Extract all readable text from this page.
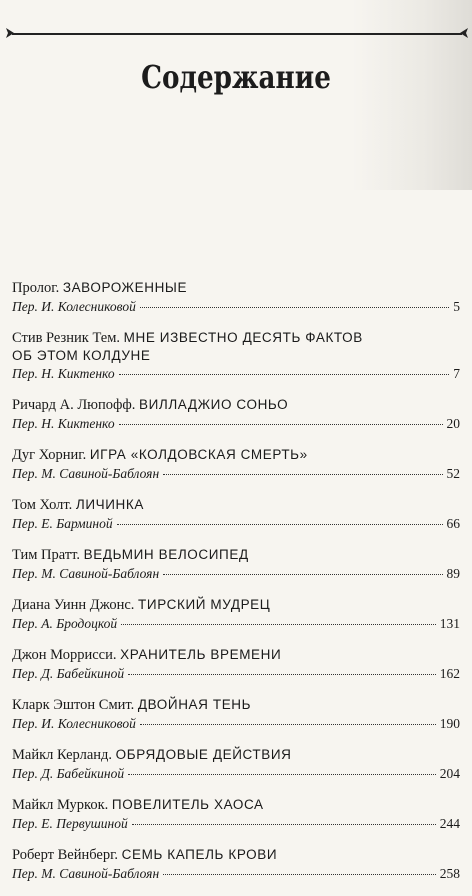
Содержание
Пролог. ЗАВОРОЖЕННЫЕ
Пер. И. Колесниковой	5
Стив Резник Тем. МНЕ ИЗВЕСТНО ДЕСЯТЬ ФАКТОВ
ОБ ЭТОМ КОЛДУНЕ
Пер. Н. Киктенко	7
Ричард А. Люпофф. ВИЛЛАДЖИО СОНЬО
Пер. Н. Киктенко	20
Дуг Хорниг. ИГРА «КОЛДОВСКАЯ СМЕРТЬ»
Пер. М. Савиной-Баблоян	52
Том Холт. ЛИЧИНКА
Пер. Е. Барминой	66
Тим Пратт. ВЕДЬМИН ВЕЛОСИПЕД
Пер. М. Савиной-Баблоян	89
Диана Уинн Джонс. ТИРСКИЙ МУДРЕЦ
Пер. А. Бродоцкой	131
Джон Моррисси. ХРАНИТЕЛЬ ВРЕМЕНИ
Пер. Д. Бабейкиной	162
Кларк Эштон Смит. ДВОЙНАЯ ТЕНЬ
Пер. И. Колесниковой	190
Майкл Керланд. ОБРЯДОВЫЕ ДЕЙСТВИЯ
Пер. Д. Бабейкиной	204
Майкл Муркок. ПОВЕЛИТЕЛЬ ХАОСА
Пер. Е. Первушиной	244
Роберт Вейнберг. СЕМЬ КАПЕЛЬ КРОВИ
Пер. М. Савиной-Баблоян	258
